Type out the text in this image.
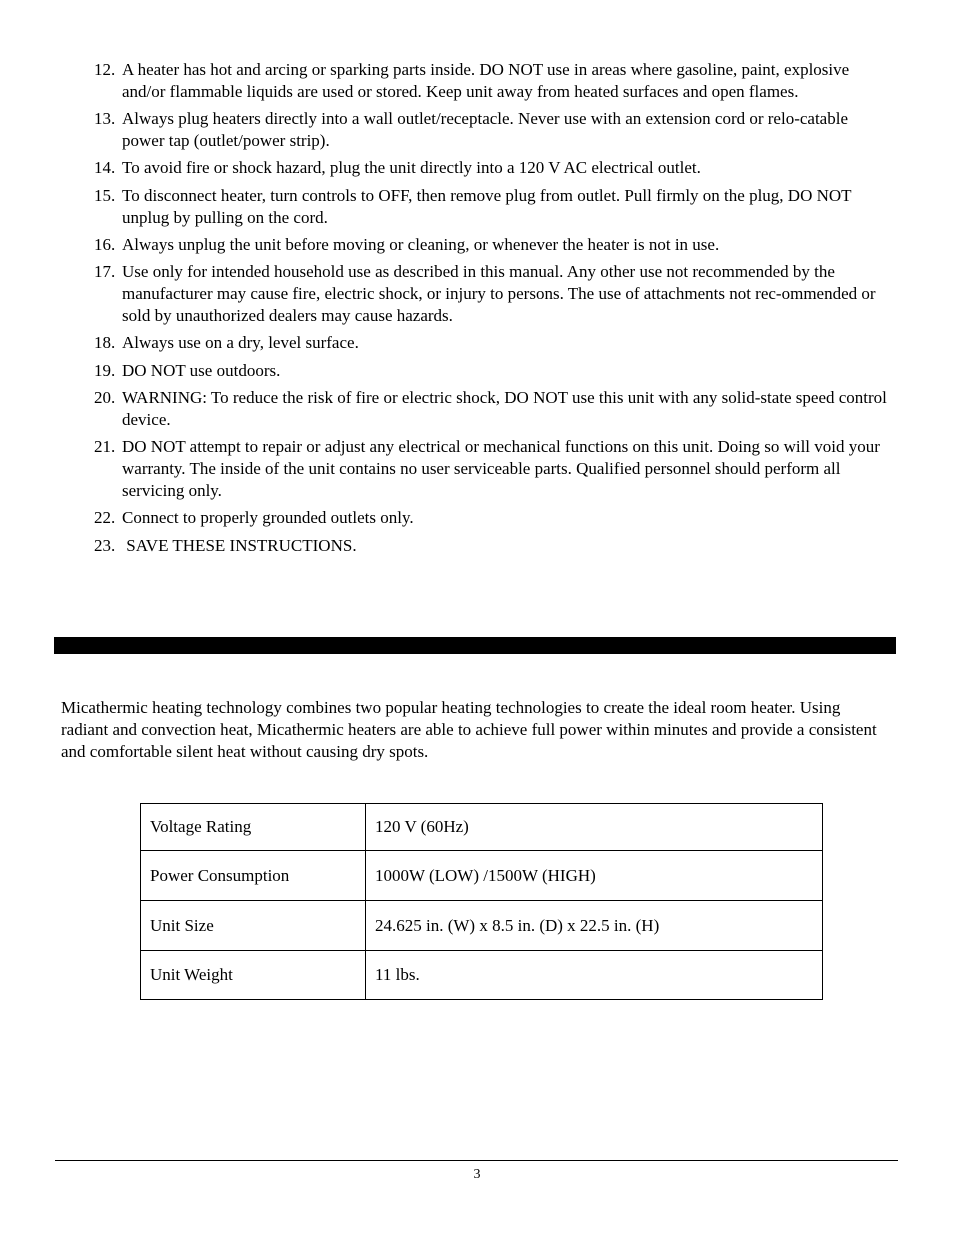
12. A heater has hot and arcing or sparking parts inside. DO NOT use in areas where gasoline, paint, explosive and/or flammable liquids are used or stored. Keep unit away from heated surfaces and open flames.
13. Always plug heaters directly into a wall outlet/receptacle. Never use with an extension cord or relo-catable power tap (outlet/power strip).
14. To avoid fire or shock hazard, plug the unit directly into a 120 V AC electrical outlet.
15. To disconnect heater, turn controls to OFF, then remove plug from outlet. Pull firmly on the plug, DO NOT unplug by pulling on the cord.
16. Always unplug the unit before moving or cleaning, or whenever the heater is not in use.
17. Use only for intended household use as described in this manual. Any other use not recommended by the manufacturer may cause fire, electric shock, or injury to persons. The use of attachments not rec-ommended or sold by unauthorized dealers may cause hazards.
18. Always use on a dry, level surface.
19. DO NOT use outdoors.
20. WARNING: To reduce the risk of fire or electric shock, DO NOT use this unit with any solid-state speed control device.
21. DO NOT attempt to repair or adjust any electrical or mechanical functions on this unit. Doing so will void your warranty. The inside of the unit contains no user serviceable parts. Qualified personnel should perform all servicing only.
22. Connect to properly grounded outlets only.
23. SAVE THESE INSTRUCTIONS.
Micathermic heating technology combines two popular heating technologies to create the ideal room heater. Using radiant and convection heat, Micathermic heaters are able to achieve full power within minutes and provide a consistent and comfortable silent heat without causing dry spots.
Voltage Rating	120 V (60Hz)
Power Consumption	1000W (LOW) /1500W (HIGH)
Unit Size	24.625 in. (W) x 8.5 in. (D) x 22.5 in. (H)
Unit Weight	11 lbs.
3
